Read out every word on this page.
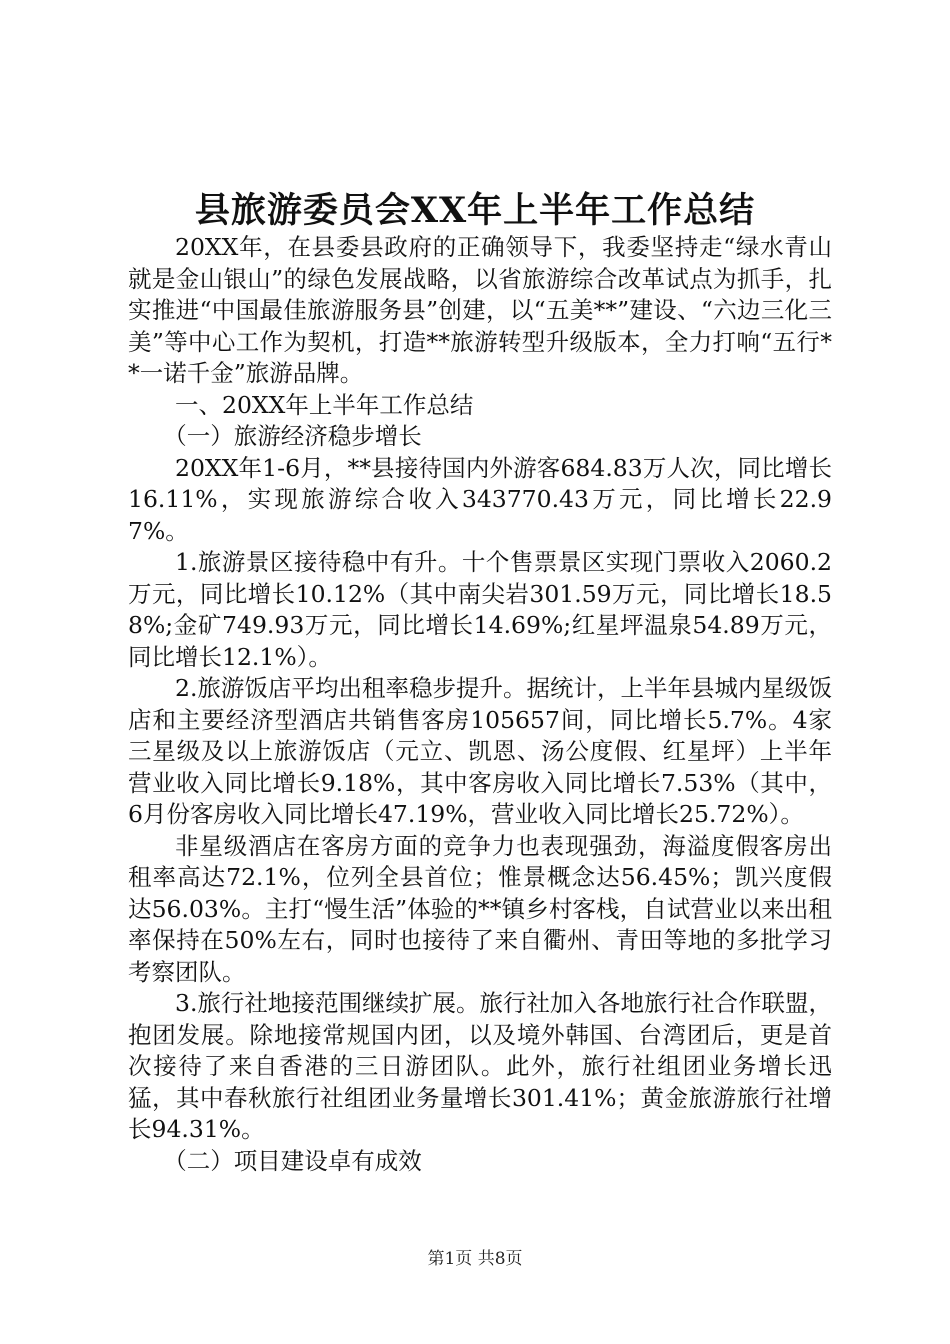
县旅游委员会XX年上半年工作总结

20XX年，在县委县政府的正确领导下，我委坚持走“绿水青山就是金山银山”的绿色发展战略，以省旅游综合改革试点为抓手，扎实推进“中国最佳旅游服务县”创建，以“五美**”建设、“六边三化三美”等中心工作为契机，打造**旅游转型升级版本，全力打响“五行**一诺千金”旅游品牌。

一、20XX年上半年工作总结

（一）旅游经济稳步增长

20XX年1-6月，**县接待国内外游客684.83万人次，同比增长16.11%，实现旅游综合收入343770.43万元，同比增长22.97%。

1.旅游景区接待稳中有升。十个售票景区实现门票收入2060.2万元，同比增长10.12%（其中南尖岩301.59万元，同比增长18.58%;金矿749.93万元，同比增长14.69%;红星坪温泉54.89万元，同比增长12.1%）。

2.旅游饭店平均出租率稳步提升。据统计，上半年县城内星级饭店和主要经济型酒店共销售客房105657间，同比增长5.7%。4家三星级及以上旅游饭店（元立、凯恩、汤公度假、红星坪）上半年营业收入同比增长9.18%，其中客房收入同比增长7.53%（其中，6月份客房收入同比增长47.19%，营业收入同比增长25.72%）。

非星级酒店在客房方面的竞争力也表现强劲，海溢度假客房出租率高达72.1%，位列全县首位；惟景概念达56.45%；凯兴度假达56.03%。主打“慢生活”体验的**镇乡村客栈，自试营业以来出租率保持在50%左右，同时也接待了来自衢州、青田等地的多批学习考察团队。

3.旅行社地接范围继续扩展。旅行社加入各地旅行社合作联盟，抱团发展。除地接常规国内团，以及境外韩国、台湾团后，更是首次接待了来自香港的三日游团队。此外，旅行社组团业务增长迅猛，其中春秋旅行社组团业务量增长301.41%；黄金旅游旅行社增长94.31%。

（二）项目建设卓有成效

第1页 共8页
